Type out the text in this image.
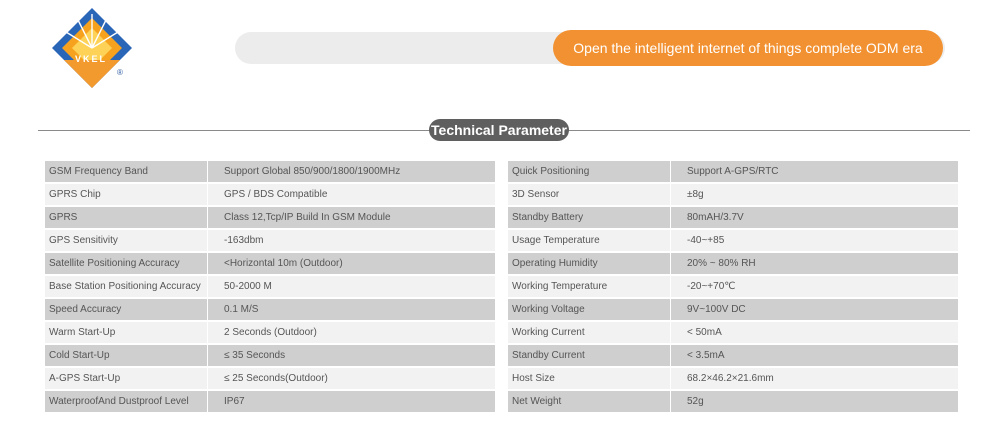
VKEL
®
Open the intelligent internet of things complete ODM era
Technical Parameter
GSM Frequency Band		Support Global 850/900/1800/1900MHz
GPRS Chip		GPS / BDS Compatible
GPRS		Class 12,Tcp/IP Build In GSM Module
GPS Sensitivity		-163dbm
Satellite Positioning Accuracy		<Horizontal 10m (Outdoor)
Base Station Positioning Accuracy		50-2000 M
Speed Accuracy		0.1 M/S
Warm Start-Up		2 Seconds (Outdoor)
Cold Start-Up		≤ 35 Seconds
A-GPS Start-Up		≤ 25 Seconds(Outdoor)
WaterproofAnd Dustproof Level		IP67
Quick Positioning		Support A-GPS/RTC
3D Sensor		±8g
Standby Battery		80mAH/3.7V
Usage Temperature		-40~+85
Operating Humidity		20% ~ 80% RH
Working Temperature		-20~+70℃
Working Voltage		9V~100V DC
Working Current		< 50mA
Standby Current		< 3.5mA
Host Size		68.2×46.2×21.6mm
Net Weight		52g
